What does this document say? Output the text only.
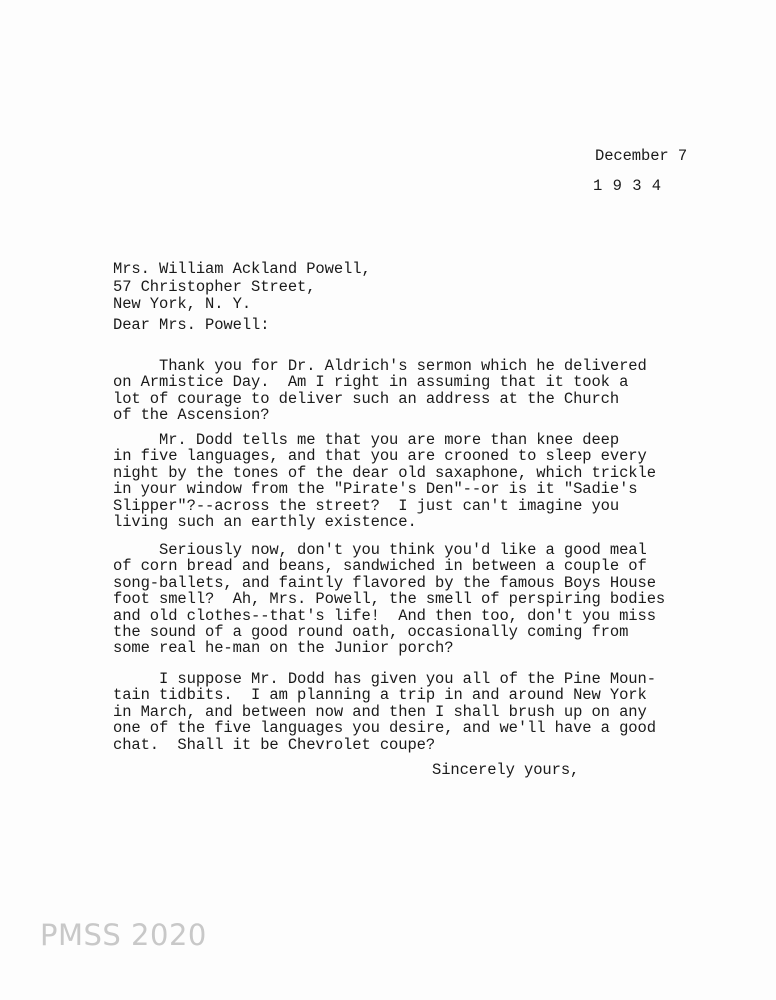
December 7
1 9 3 4
Mrs. William Ackland Powell,
57 Christopher Street,
New York, N. Y.
Dear Mrs. Powell:
Thank you for Dr. Aldrich's sermon which he delivered
on Armistice Day.  Am I right in assuming that it took a
lot of courage to deliver such an address at the Church
of the Ascension?
Mr. Dodd tells me that you are more than knee deep
in five languages, and that you are crooned to sleep every
night by the tones of the dear old saxaphone, which trickle
in your window from the "Pirate's Den"--or is it "Sadie's
Slipper"?--across the street?  I just can't imagine you
living such an earthly existence.
Seriously now, don't you think you'd like a good meal
of corn bread and beans, sandwiched in between a couple of
song-ballets, and faintly flavored by the famous Boys House
foot smell?  Ah, Mrs. Powell, the smell of perspiring bodies
and old clothes--that's life!  And then too, don't you miss
the sound of a good round oath, occasionally coming from
some real he-man on the Junior porch?
I suppose Mr. Dodd has given you all of the Pine Moun-
tain tidbits.  I am planning a trip in and around New York
in March, and between now and then I shall brush up on any
one of the five languages you desire, and we'll have a good
chat.  Shall it be Chevrolet coupe?
Sincerely yours,
PMSS 2020
